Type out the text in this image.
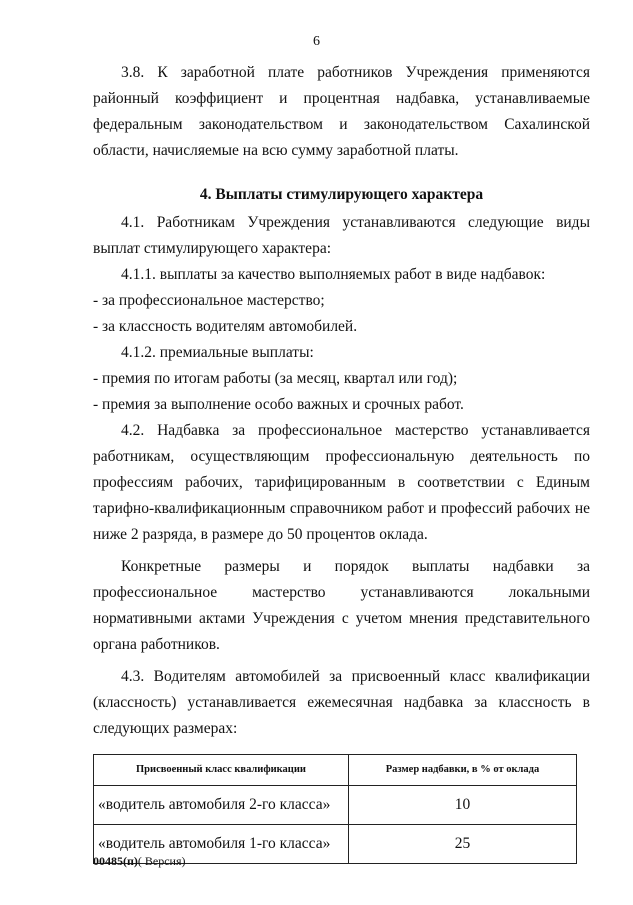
6

3.8. К заработной плате работников Учреждения применяются районный коэффициент и процентная надбавка, устанавливаемые федеральным законодательством и законодательством Сахалинской области, начисляемые на всю сумму заработной платы.

4. Выплаты стимулирующего характера

4.1. Работникам Учреждения устанавливаются следующие виды выплат стимулирующего характера:

4.1.1. выплаты за качество выполняемых работ в виде надбавок:

- за профессиональное мастерство;

- за классность водителям автомобилей.

4.1.2. премиальные выплаты:

- премия по итогам работы (за месяц, квартал или год);

- премия за выполнение особо важных и срочных работ.

4.2. Надбавка за профессиональное мастерство устанавливается работникам, осуществляющим профессиональную деятельность по профессиям рабочих, тарифицированным в соответствии с Единым тарифно-квалификационным справочником работ и профессий рабочих не ниже 2 разряда, в размере до 50 процентов оклада.

Конкретные размеры и порядок выплаты надбавки за профессиональное мастерство устанавливаются локальными нормативными актами Учреждения с учетом мнения представительного органа работников.

4.3. Водителям автомобилей за присвоенный класс квалификации (классность) устанавливается ежемесячная надбавка за классность в следующих размерах:

Присвоенный класс квалификации	Размер надбавки, в % от оклада
«водитель автомобиля 2-го класса»	10
«водитель автомобиля 1-го класса»	25
00485(п)( Версия)
